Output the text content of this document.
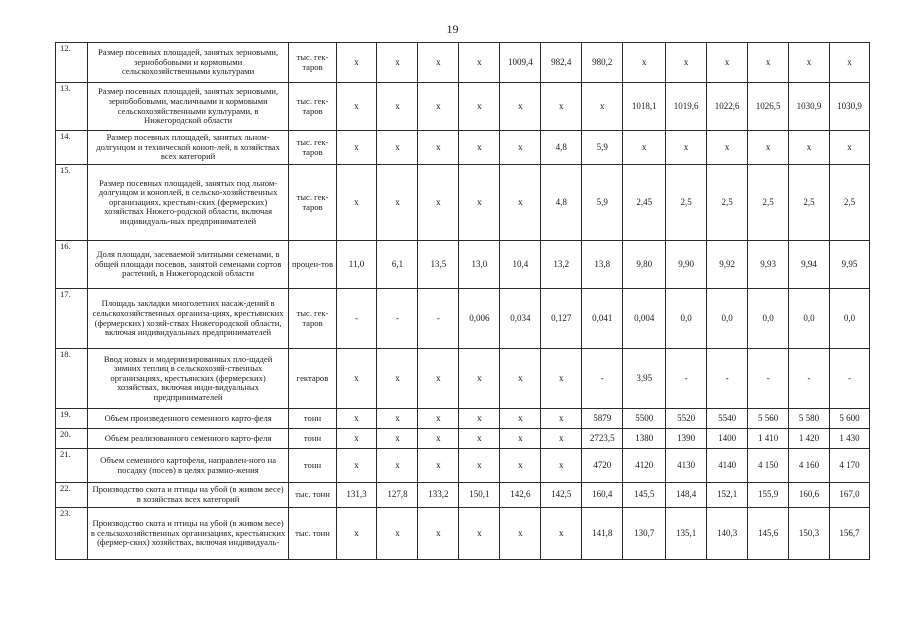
19
12.	Размер посевных площадей, занятых зерновыми, зернобобовыми и кормовыми сельскохозяйственными культурами	тыс. гек-таров	х	х	х	х	1009,4	982,4	980,2	х	х	х	х	х	х
13.	Размер посевных площадей, занятых зерновыми, зернобобовыми, масличными и кормовыми сельскохозяйственными культурами, в Нижегородской области	тыс. гек-таров	х	х	х	х	х	х	х	1018,1	1019,6	1022,6	1026,5	1030,9	1030,9
14.	Размер посевных площадей, занятых льном-долгунцом и технической коноп-лей, в хозяйствах всех категорий	тыс. гек-таров	х	х	х	х	х	4,8	5,9	х	х	х	х	х	х
15.	Размер посевных площадей, занятых под льном-долгунцом и коноплей, в сельско-хозяйственных организациях, крестьян-ских (фермерских) хозяйствах Нижего-родской области, включая индивидуаль-ных предпринимателей	тыс. гек-таров	х	х	х	х	х	4,8	5,9	2,45	2,5	2,5	2,5	2,5	2,5
16.	Доля площади, засеваемой элитными семенами, в общей площади посевов, занятой семенами сортов растений, в Нижегородской области	процен-тов	11,0	6,1	13,5	13,0	10,4	13,2	13,8	9,80	9,90	9,92	9,93	9,94	9,95
17.	Площадь закладки многолетних насаж-дений в сельскохозяйственных организа-циях, крестьянских (фермерских) хозяй-ствах Нижегородской области, включая индивидуальных предпринимателей	тыс. гек-таров	-	-	-	0,006	0,034	0,127	0,041	0,004	0,0	0,0	0,0	0,0	0,0
18.	Ввод новых и модернизированных пло-щадей зимних теплиц в сельскохозяй-ственных организациях, крестьянских (фермерских) хозяйствах, включая инди-видуальных предпринимателей	гектаров	х	х	х	х	х	х	-	3,95	-	-	-	-	-
19.	Объем произведенного семенного карто-феля	тонн	х	х	х	х	х	х	5879	5500	5520	5540	5 560	5 580	5 600
20.	Объем реализованного семенного карто-феля	тонн	х	х	х	х	х	х	2723,5	1380	1390	1400	1 410	1 420	1 430
21.	Объем семенного картофеля, направлен-ного на посадку (посев) в целях размно-жения	тонн	х	х	х	х	х	х	4720	4120	4130	4140	4 150	4 160	4 170
22.	Производство скота и птицы на убой (в живом весе) в хозяйствах всех категорий	тыс. тонн	131,3	127,8	133,2	150,1	142,6	142,5	160,4	145,5	148,4	152,1	155,9	160,6	167,0
23.	Производство скота и птицы на убой (в живом весе) в сельскохозяйственных организациях, крестьянских (фермер-ских) хозяйствах, включая индивидуаль-	тыс. тонн	х	х	х	х	х	х	141,8	130,7	135,1	140,3	145,6	150,3	156,7
